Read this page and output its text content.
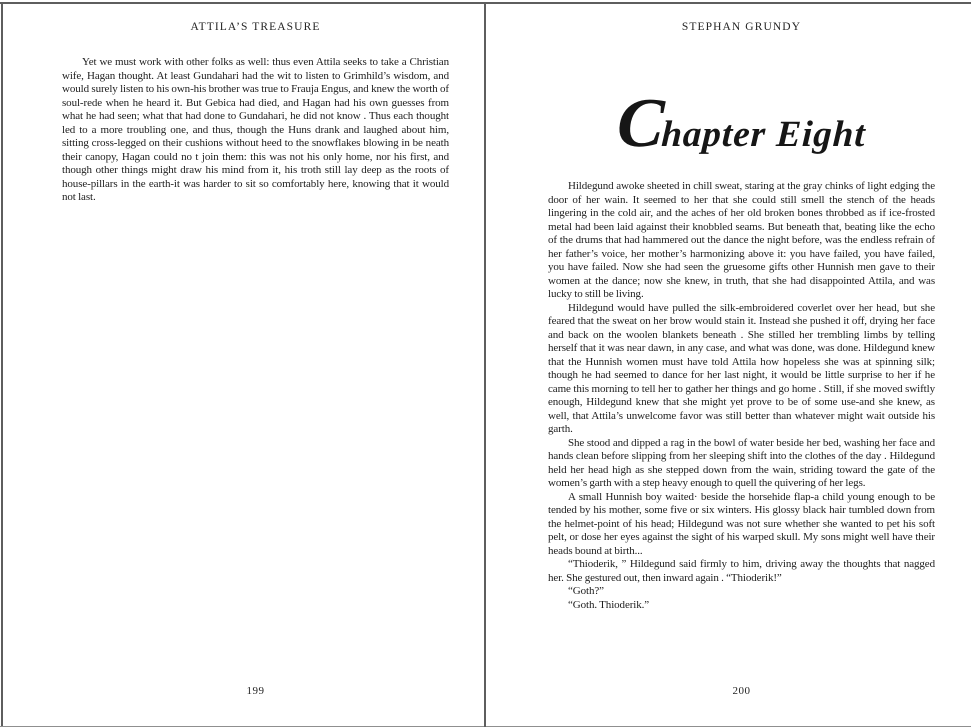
ATTILA’S TREASURE

Yet we must work with other folks as well: thus even Attila seeks to take a Christian wife, Hagan thought. At least Gundahari had the wit to listen to Grimhild’s wisdom, and would surely listen to his own-his brother was true to Frauja Engus, and knew the worth of soul-rede when he heard it. But Gebica had died, and Hagan had his own guesses from what he had seen; what that had done to Gundahari, he did not know . Thus each thought led to a more troubling one, and thus, though the Huns drank and laughed about him, sitting cross-legged on their cushions without heed to the snowflakes blowing in be neath their canopy, Hagan could no t join them: this was not his only home, nor his first, and though other things might draw his mind from it, his troth still lay deep as the roots of house-pillars in the earth-it was harder to sit so comfortably here, knowing that it would not last.

199
STEPHAN GRUNDY
Chapter Eight

Hildegund awoke sheeted in chill sweat, staring at the gray chinks of light edging the door of her wain. It seemed to her that she could still smell the stench of the heads lingering in the cold air, and the aches of her old broken bones throbbed as if ice-frosted metal had been laid against their knobbled seams. But beneath that, beating like the echo of the drums that had hammered out the dance the night before, was the endless refrain of her father’s voice, her mother’s harmonizing above it: you have failed, you have failed, you have failed. Now she had seen the gruesome gifts other Hunnish men gave to their women at the dance; now she knew, in truth, that she had disappointed Attila, and was lucky to still be living.

Hildegund would have pulled the silk-embroidered coverlet over her head, but she feared that the sweat on her brow would stain it. Instead she pushed it off, drying her face and back on the woolen blankets beneath . She stilled her trembling limbs by telling herself that it was near dawn, in any case, and what was done, was done. Hildegund knew that the Hunnish women must have told Attila how hopeless she was at spinning silk; though he had seemed to dance for her last night, it would be little surprise to her if he came this morning to tell her to gather her things and go home . Still, if she moved swiftly enough, Hildegund knew that she might yet prove to be of some use-and she knew, as well, that Attila’s unwelcome favor was still better than whatever might wait outside his garth.

She stood and dipped a rag in the bowl of water beside her bed, washing her face and hands clean before slipping from her sleeping shift into the clothes of the day . Hildegund held her head high as she stepped down from the wain, striding toward the gate of the women’s garth with a step heavy enough to quell the quivering of her legs.

A small Hunnish boy waited· beside the horsehide flap-a child young enough to be tended by his mother, some five or six winters. His glossy black hair tumbled down from the helmet-point of his head; Hildegund was not sure whether she wanted to pet his soft pelt, or dose her eyes against the sight of his warped skull. My sons might well have their heads bound at birth...

“Thioderik, ” Hildegund said firmly to him, driving away the thoughts that nagged her. She gestured out, then inward again . “Thioderik!”

“Goth?”

“Goth. Thioderik.”

200
